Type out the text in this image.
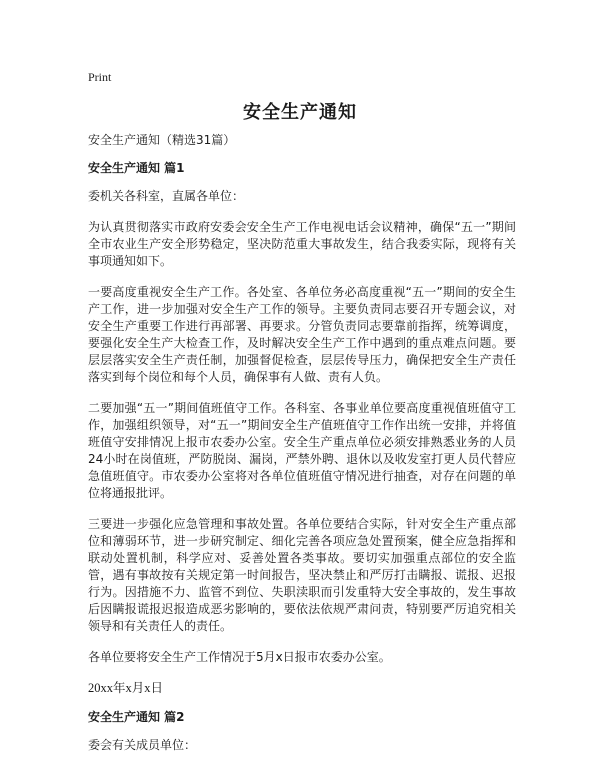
Print
安全生产通知

安全生产通知（精选31篇）

安全生产通知 篇1

委机关各科室，直属各单位：

为认真贯彻落实市政府安委会安全生产工作电视电话会议精神，确保“五一”期间全市农业生产安全形势稳定，坚决防范重大事故发生，结合我委实际，现将有关事项通知如下。

一要高度重视安全生产工作。各处室、各单位务必高度重视“五一”期间的安全生产工作，进一步加强对安全生产工作的领导。主要负责同志要召开专题会议，对安全生产重要工作进行再部署、再要求。分管负责同志要靠前指挥，统筹调度，要强化安全生产大检查工作，及时解决安全生产工作中遇到的重点难点问题。要层层落实安全生产责任制，加强督促检查，层层传导压力，确保把安全生产责任落实到每个岗位和每个人员，确保事有人做、责有人负。

二要加强“五一”期间值班值守工作。各科室、各事业单位要高度重视值班值守工作，加强组织领导，对“五一”期间安全生产值班值守工作作出统一安排，并将值班值守安排情况上报市农委办公室。安全生产重点单位必须安排熟悉业务的人员24小时在岗值班，严防脱岗、漏岗，严禁外聘、退休以及收发室打更人员代替应急值班值守。市农委办公室将对各单位值班值守情况进行抽查，对存在问题的单位将通报批评。

三要进一步强化应急管理和事故处置。各单位要结合实际，针对安全生产重点部位和薄弱环节，进一步研究制定、细化完善各项应急处置预案，健全应急指挥和联动处置机制，科学应对、妥善处置各类事故。要切实加强重点部位的安全监管，遇有事故按有关规定第一时间报告，坚决禁止和严厉打击瞒报、谎报、迟报行为。因措施不力、监管不到位、失职渎职而引发重特大安全事故的，发生事故后因瞒报谎报迟报造成恶劣影响的，要依法依规严肃问责，特别要严厉追究相关领导和有关责任人的责任。

各单位要将安全生产工作情况于5月x日报市农委办公室。

20xx年x月x日

安全生产通知 篇2

委会有关成员单位：
